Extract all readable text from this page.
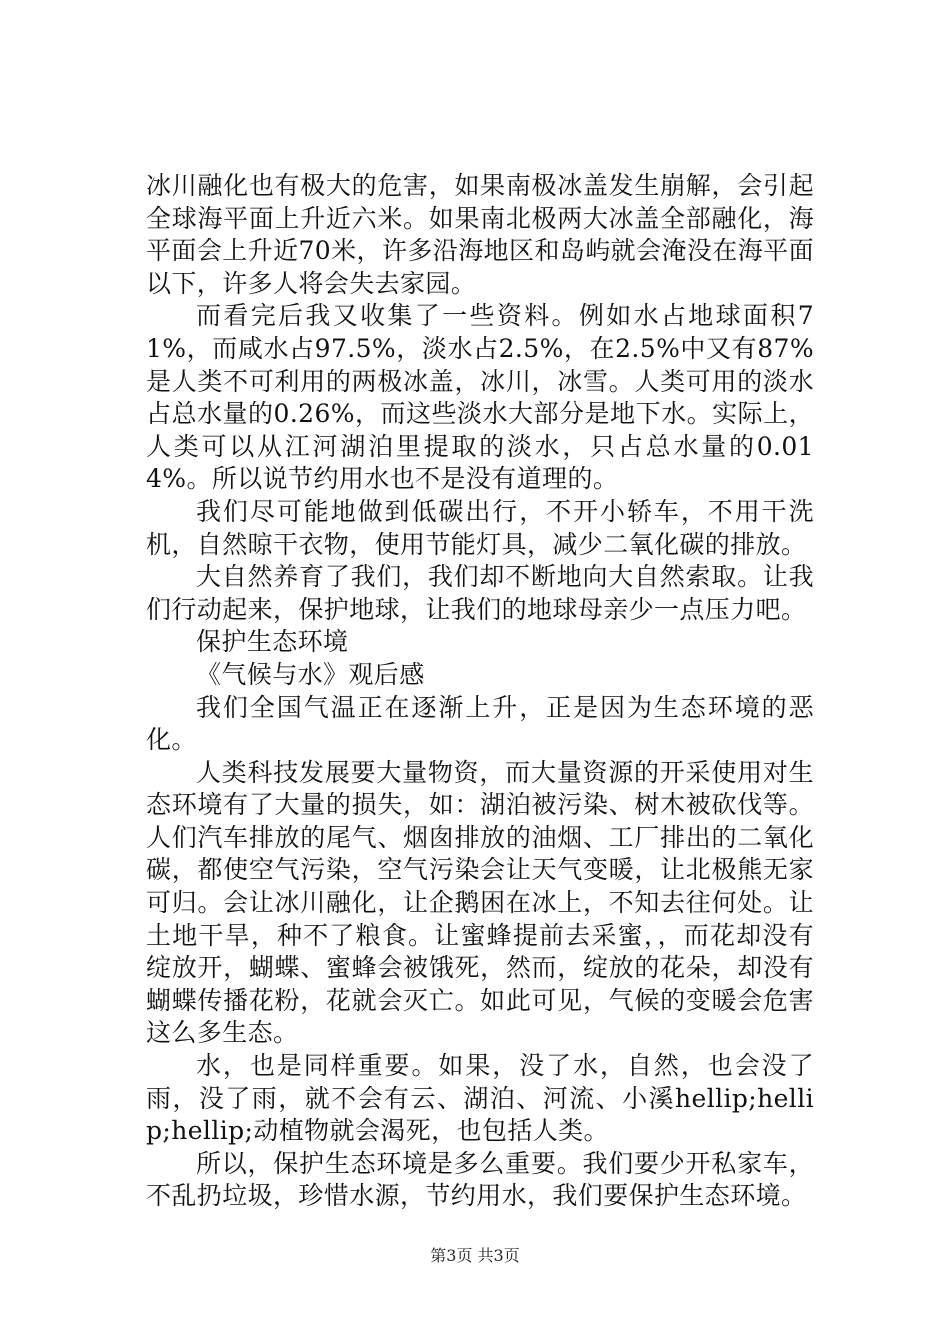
冰川融化也有极大的危害，如果南极冰盖发生崩解，会引起全球海平面上升近六米。如果南北极两大冰盖全部融化，海平面会上升近70米，许多沿海地区和岛屿就会淹没在海平面以下，许多人将会失去家园。

而看完后我又收集了一些资料。例如水占地球面积71%，而咸水占97.5%，淡水占2.5%，在2.5%中又有87%是人类不可利用的两极冰盖，冰川，冰雪。人类可用的淡水占总水量的0.26%，而这些淡水大部分是地下水。实际上，人类可以从江河湖泊里提取的淡水，只占总水量的0.014%。所以说节约用水也不是没有道理的。

我们尽可能地做到低碳出行，不开小轿车，不用干洗机，自然晾干衣物，使用节能灯具，减少二氧化碳的排放。

大自然养育了我们，我们却不断地向大自然索取。让我们行动起来，保护地球，让我们的地球母亲少一点压力吧。

保护生态环境

《气候与水》观后感

我们全国气温正在逐渐上升，正是因为生态环境的恶化。

人类科技发展要大量物资，而大量资源的开采使用对生态环境有了大量的损失，如：湖泊被污染、树木被砍伐等。人们汽车排放的尾气、烟囱排放的油烟、工厂排出的二氧化碳，都使空气污染，空气污染会让天气变暖，让北极熊无家可归。会让冰川融化，让企鹅困在冰上，不知去往何处。让土地干旱，种不了粮食。让蜜蜂提前去采蜜，，而花却没有绽放开，蝴蝶、蜜蜂会被饿死，然而，绽放的花朵，却没有蝴蝶传播花粉，花就会灭亡。如此可见，气候的变暖会危害这么多生态。

水，也是同样重要。如果，没了水，自然，也会没了雨，没了雨，就不会有云、湖泊、河流、小溪hellip;hellip;hellip;动植物就会渴死，也包括人类。

所以，保护生态环境是多么重要。我们要少开私家车，不乱扔垃圾，珍惜水源，节约用水，我们要保护生态环境。

第3页 共3页
